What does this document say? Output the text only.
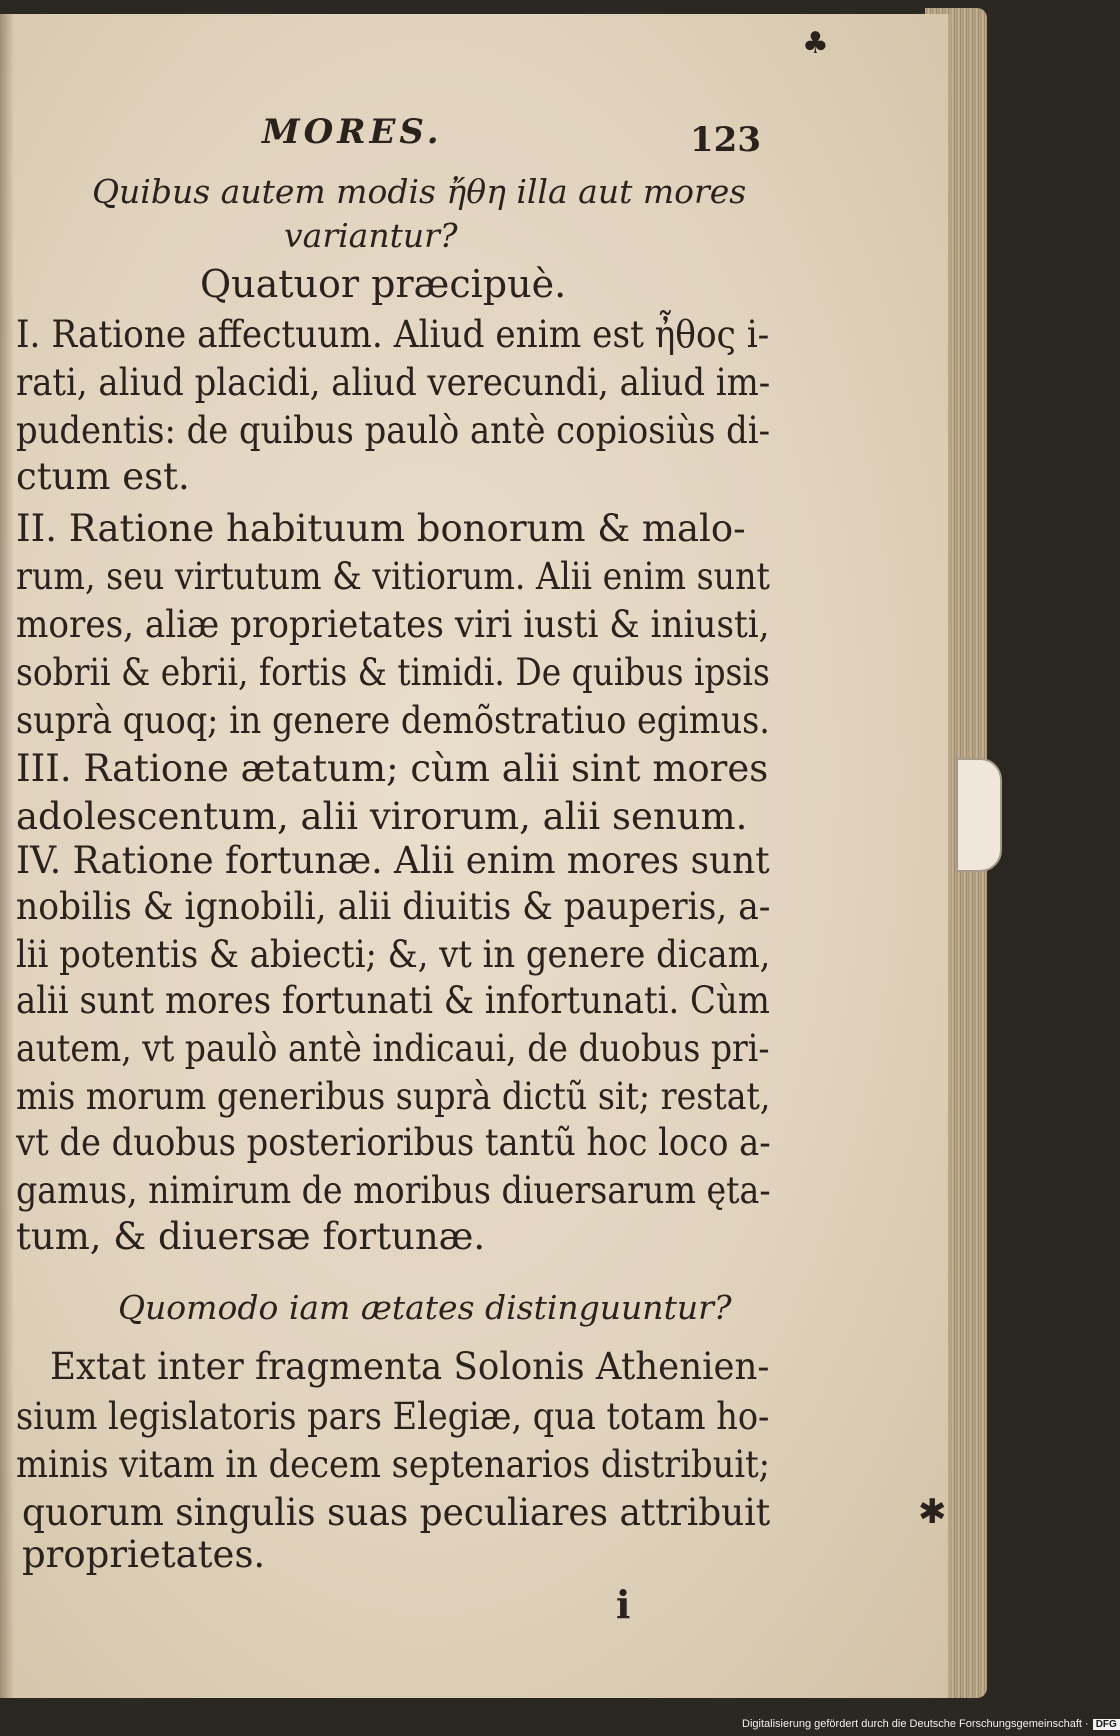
♣
MORES.	123
Quibus autem modis ἤθη illa aut mores
variantur?
Quatuor præcipuè.
I. Ratione affectuum. Aliud enim est ἦθος i-
rati, aliud placidi, aliud verecundi, aliud im-
pudentis: de quibus paulò antè copiosiùs di-
ctum est.
II. Ratione habituum bonorum & malo-
rum, seu virtutum & vitiorum. Alii enim sunt
mores, aliæ proprietates viri iusti & iniusti,
sobrii & ebrii, fortis & timidi. De quibus ipsis
suprà quoq; in genere demõstratiuo egimus.
III. Ratione ætatum; cùm alii sint mores
adolescentum, alii virorum, alii senum.
IV. Ratione fortunæ. Alii enim mores sunt
nobilis & ignobili, alii diuitis & pauperis, a-
lii potentis & abiecti; &, vt in genere dicam,
alii sunt mores fortunati & infortunati. Cùm
autem, vt paulò antè indicaui, de duobus pri-
mis morum generibus suprà dictũ sit; restat,
vt de duobus posterioribus tantũ hoc loco a-
gamus, nimirum de moribus diuersarum ęta-
tum, & diuersæ fortunæ.
Quomodo iam ætates distinguuntur?
Extat inter fragmenta Solonis Athenien-
sium legislatoris pars Elegiæ, qua totam ho-
minis vitam in decem septenarios distribuit;
quorum singulis suas peculiares attribuit
proprietates.
✱
i
Digitalisierung gefördert durch die Deutsche Forschungsgemeinschaft · DFG
